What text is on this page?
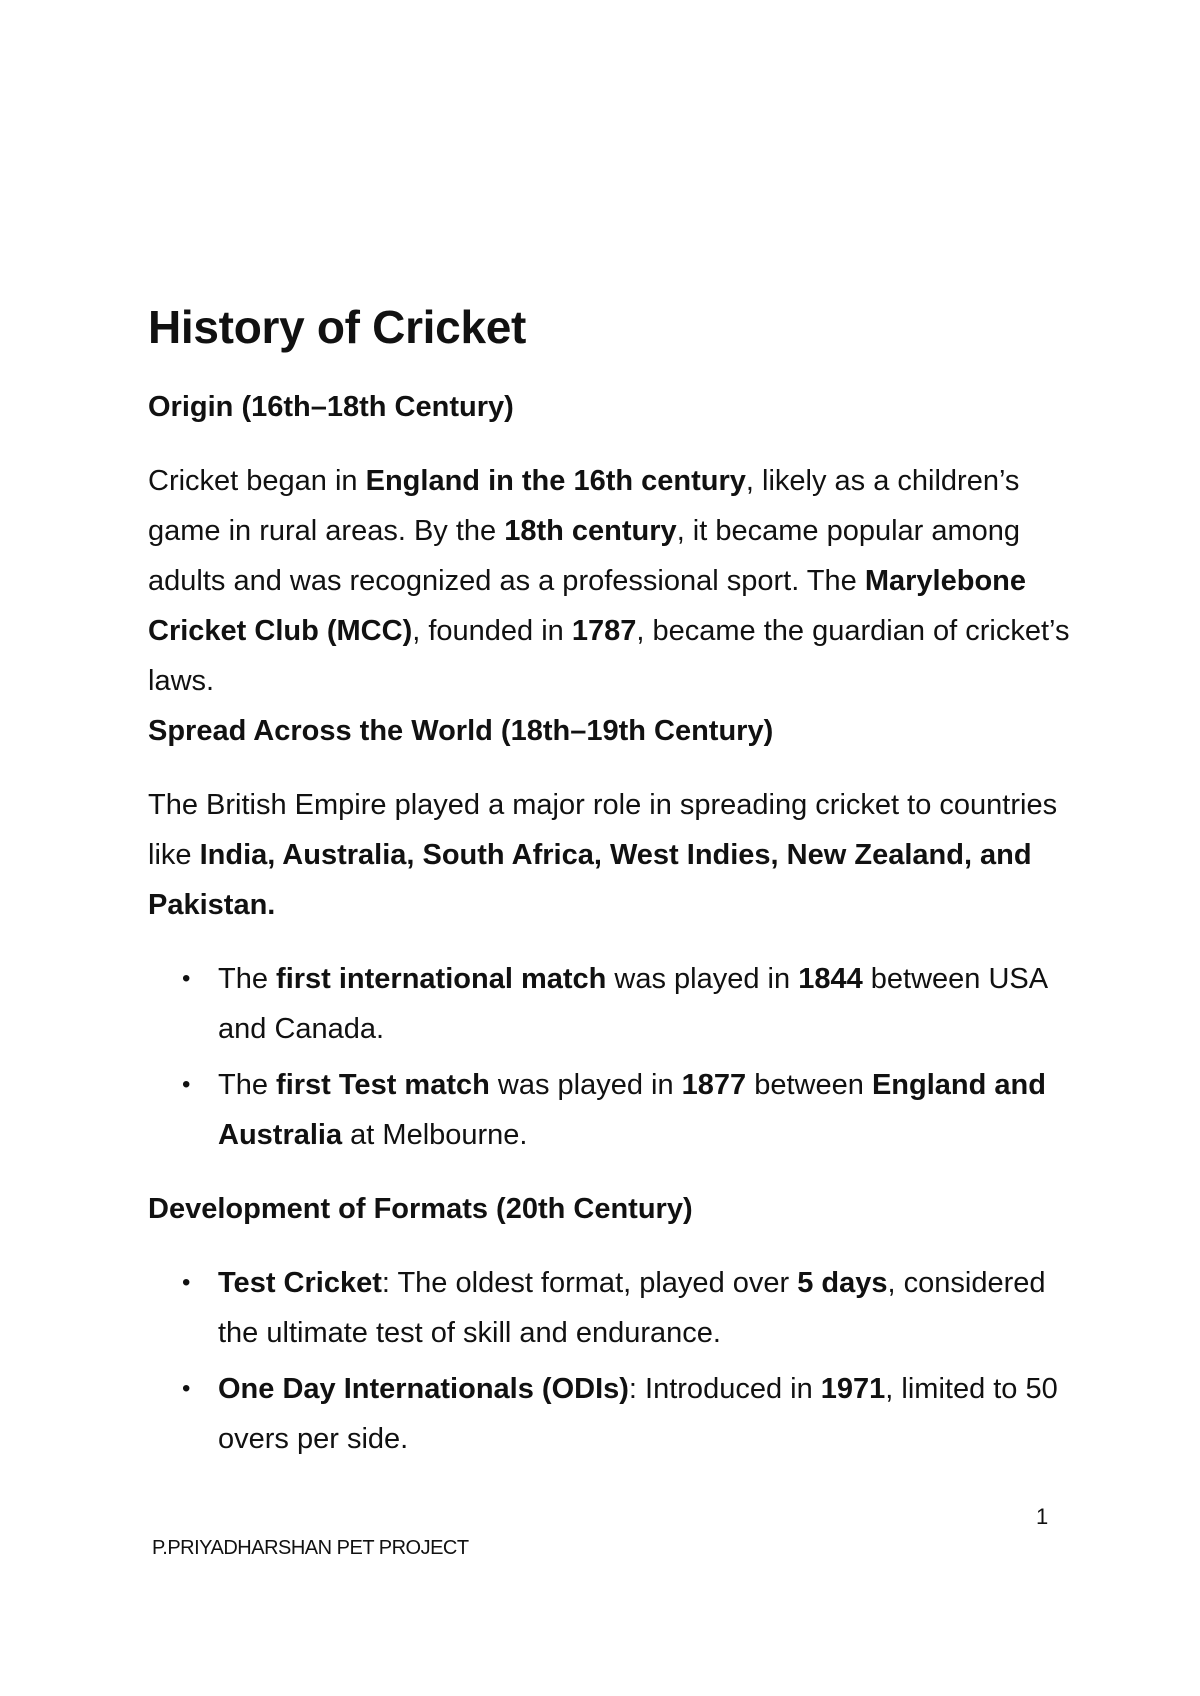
History of Cricket
Origin (16th–18th Century)

Cricket began in England in the 16th century, likely as a children’s game in rural areas. By the 18th century, it became popular among adults and was recognized as a professional sport. The Marylebone Cricket Club (MCC), founded in 1787, became the guardian of cricket’s laws.

Spread Across the World (18th–19th Century)

The British Empire played a major role in spreading cricket to countries like India, Australia, South Africa, West Indies, New Zealand, and Pakistan.

• The first international match was played in 1844 between USA and Canada.
• The first Test match was played in 1877 between England and Australia at Melbourne.
Development of Formats (20th Century)
• Test Cricket: The oldest format, played over 5 days, considered the ultimate test of skill and endurance.
• One Day Internationals (ODIs): Introduced in 1971, limited to 50 overs per side.
1
P.PRIYADHARSHAN PET PROJECT
